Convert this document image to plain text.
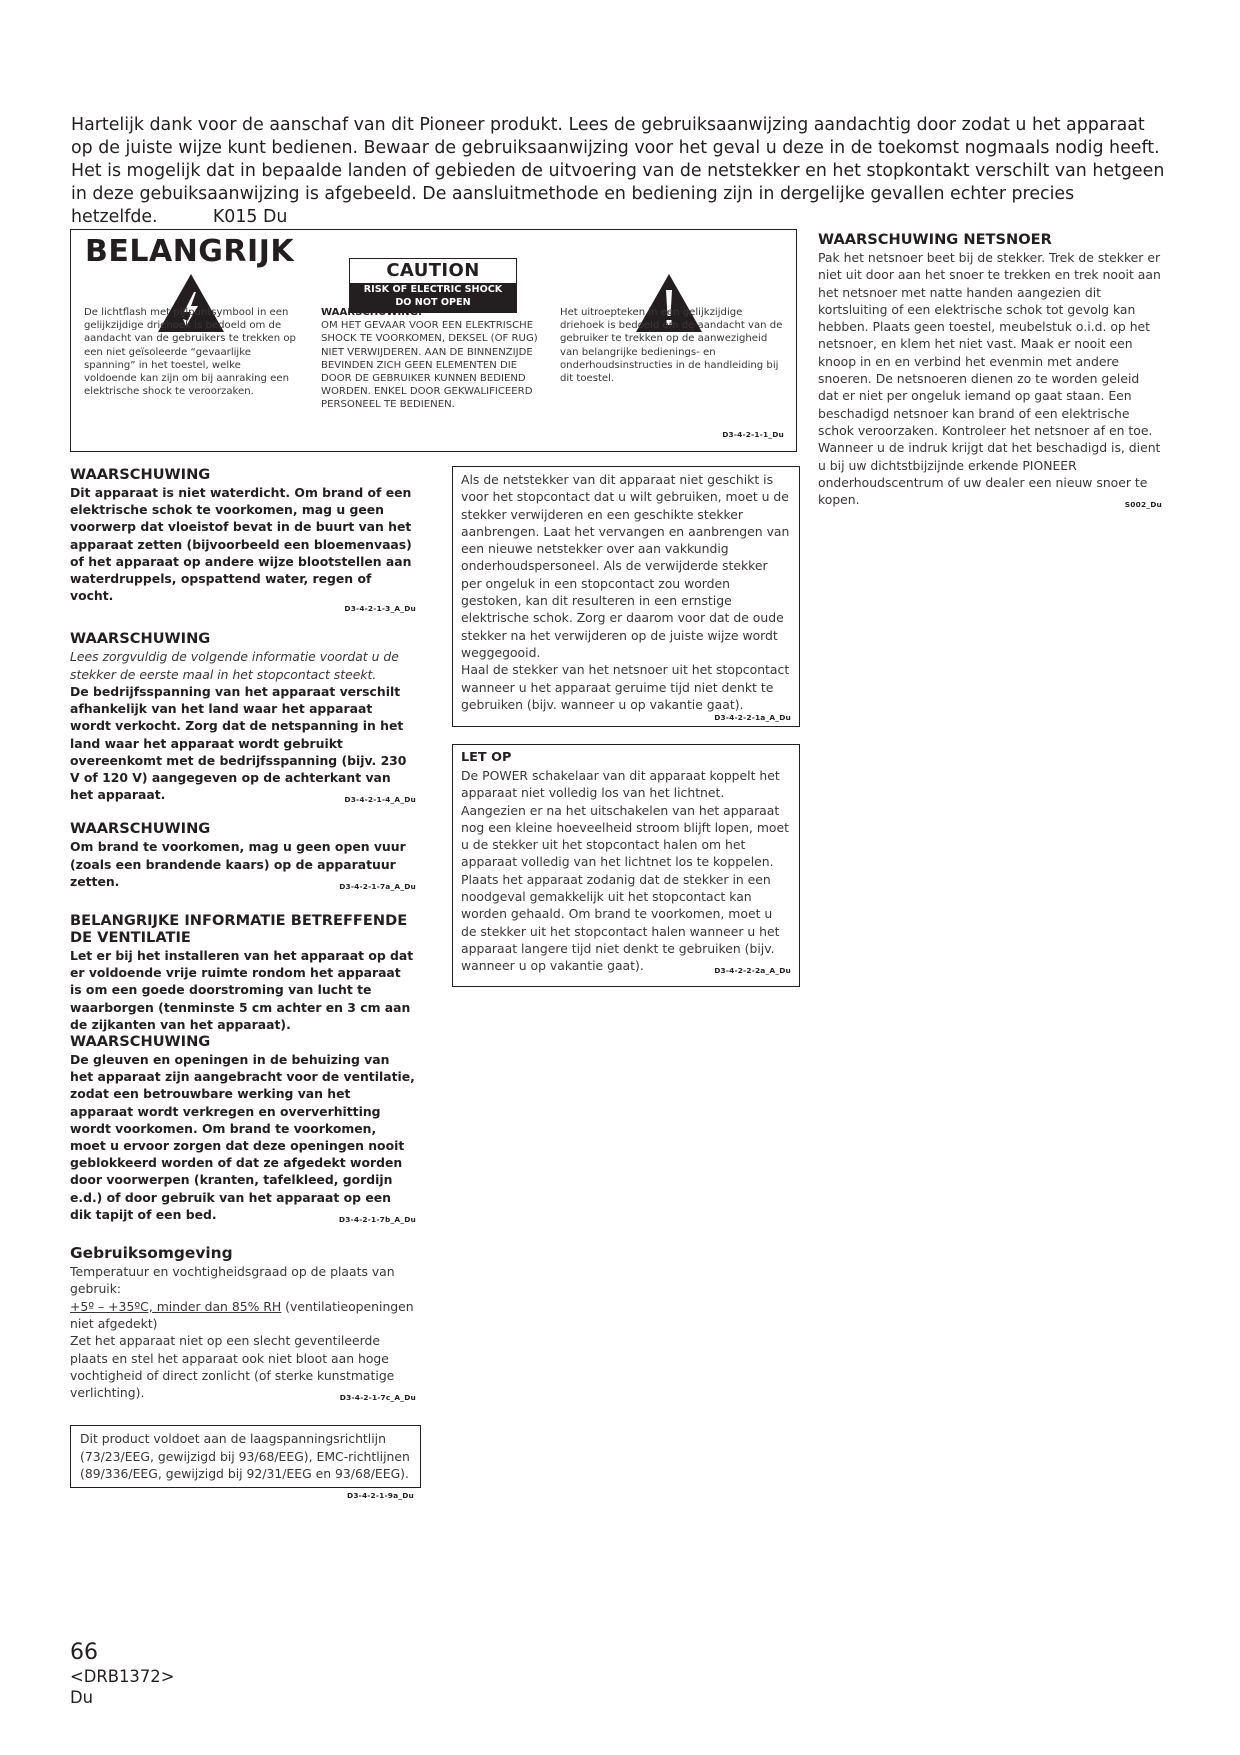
Hartelijk dank voor de aanschaf van dit Pioneer produkt. Lees de gebruiksaanwijzing aandachtig door zodat u het apparaat op de juiste wijze kunt bedienen. Bewaar de gebruiksaanwijzing voor het geval u deze in de toekomst nogmaals nodig heeft.

Het is mogelijk dat in bepaalde landen of gebieden de uitvoering van de netstekker en het stopkontakt verschilt van hetgeen in deze gebuiksaanwijzing is afgebeeld. De aansluitmethode en bediening zijn in dergelijke gevallen echter precies hetzelfde.	K015 Du

BELANGRIJK
CAUTION
RISK OF ELECTRIC SHOCK
DO NOT OPEN
De lichtflash met pijlpuntsymbool in een gelijkzijdige driehoek is bedoeld om de aandacht van de gebruikers te trekken op een niet geïsoleerde “gevaarlijke spanning” in het toestel, welke voldoende kan zijn om bij aanraking een elektrische shock te veroorzaken.
WAARSCHUWING:
OM HET GEVAAR VOOR EEN ELEKTRISCHE SHOCK TE VOORKOMEN, DEKSEL (OF RUG) NIET VERWIJDEREN. AAN DE BINNENZIJDE BEVINDEN ZICH GEEN ELEMENTEN DIE DOOR DE GEBRUIKER KUNNEN BEDIEND WORDEN. ENKEL DOOR GEKWALIFICEERD PERSONEEL TE BEDIENEN.
Het uitroepteken in een gelijkzijdige driehoek is bedoeld om de aandacht van de gebruiker te trekken op de aanwezigheid van belangrijke bedienings- en onderhoudsinstructies in de handleiding bij dit toestel.
D3-4-2-1-1_Du
WAARSCHUWING
Dit apparaat is niet waterdicht. Om brand of een elektrische schok te voorkomen, mag u geen voorwerp dat vloeistof bevat in de buurt van het apparaat zetten (bijvoorbeeld een bloemenvaas) of het apparaat op andere wijze blootstellen aan waterdruppels, opspattend water, regen of vocht.
D3-4-2-1-3_A_Du
WAARSCHUWING
Lees zorgvuldig de volgende informatie voordat u de stekker de eerste maal in het stopcontact steekt.
De bedrijfsspanning van het apparaat verschilt afhankelijk van het land waar het apparaat wordt verkocht. Zorg dat de netspanning in het land waar het apparaat wordt gebruikt overeenkomt met de bedrijfsspanning (bijv. 230 V of 120 V) aangegeven op de achterkant van het apparaat.	D3-4-2-1-4_A_Du
WAARSCHUWING
Om brand te voorkomen, mag u geen open vuur (zoals een brandende kaars) op de apparatuur zetten.	D3-4-2-1-7a_A_Du
BELANGRIJKE INFORMATIE BETREFFENDE DE VENTILATIE
Let er bij het installeren van het apparaat op dat er voldoende vrije ruimte rondom het apparaat is om een goede doorstroming van lucht te waarborgen (tenminste 5 cm achter en 3 cm aan de zijkanten van het apparaat).
WAARSCHUWING
De gleuven en openingen in de behuizing van het apparaat zijn aangebracht voor de ventilatie, zodat een betrouwbare werking van het apparaat wordt verkregen en oververhitting wordt voorkomen. Om brand te voorkomen, moet u ervoor zorgen dat deze openingen nooit geblokkeerd worden of dat ze afgedekt worden door voorwerpen (kranten, tafelkleed, gordijn e.d.) of door gebruik van het apparaat op een dik tapijt of een bed.	D3-4-2-1-7b_A_Du
Gebruiksomgeving
Temperatuur en vochtigheidsgraad op de plaats van gebruik:
+5º – +35ºC, minder dan 85% RH (ventilatieopeningen niet afgedekt)
Zet het apparaat niet op een slecht geventileerde plaats en stel het apparaat ook niet bloot aan hoge vochtigheid of direct zonlicht (of sterke kunstmatige verlichting).	D3-4-2-1-7c_A_Du
Dit product voldoet aan de laagspanningsrichtlijn (73/23/EEG, gewijzigd bij 93/68/EEG), EMC-richtlijnen (89/336/EEG, gewijzigd bij 92/31/EEG en 93/68/EEG).
D3-4-2-1-9a_Du
Als de netstekker van dit apparaat niet geschikt is voor het stopcontact dat u wilt gebruiken, moet u de stekker verwijderen en een geschikte stekker aanbrengen. Laat het vervangen en aanbrengen van een nieuwe netstekker over aan vakkundig onderhoudspersoneel. Als de verwijderde stekker per ongeluk in een stopcontact zou worden gestoken, kan dit resulteren in een ernstige elektrische schok. Zorg er daarom voor dat de oude stekker na het verwijderen op de juiste wijze wordt weggegooid.
Haal de stekker van het netsnoer uit het stopcontact wanneer u het apparaat geruime tijd niet denkt te gebruiken (bijv. wanneer u op vakantie gaat).
D3-4-2-2-1a_A_Du
LET OP
De POWER schakelaar van dit apparaat koppelt het apparaat niet volledig los van het lichtnet. Aangezien er na het uitschakelen van het apparaat nog een kleine hoeveelheid stroom blijft lopen, moet u de stekker uit het stopcontact halen om het apparaat volledig van het lichtnet los te koppelen. Plaats het apparaat zodanig dat de stekker in een noodgeval gemakkelijk uit het stopcontact kan worden gehaald. Om brand te voorkomen, moet u de stekker uit het stopcontact halen wanneer u het apparaat langere tijd niet denkt te gebruiken (bijv. wanneer u op vakantie gaat).	D3-4-2-2-2a_A_Du
WAARSCHUWING NETSNOER
Pak het netsnoer beet bij de stekker. Trek de stekker er niet uit door aan het snoer te trekken en trek nooit aan het netsnoer met natte handen aangezien dit kortsluiting of een elektrische schok tot gevolg kan hebben. Plaats geen toestel, meubelstuk o.i.d. op het netsnoer, en klem het niet vast. Maak er nooit een knoop in en en verbind het evenmin met andere snoeren. De netsnoeren dienen zo te worden geleid dat er niet per ongeluk iemand op gaat staan. Een beschadigd netsnoer kan brand of een elektrische schok veroorzaken. Kontroleer het netsnoer af en toe. Wanneer u de indruk krijgt dat het beschadigd is, dient u bij uw dichtstbijzijnde erkende PIONEER onderhoudscentrum of uw dealer een nieuw snoer te kopen.	S002_Du
66
<DRB1372>
Du
